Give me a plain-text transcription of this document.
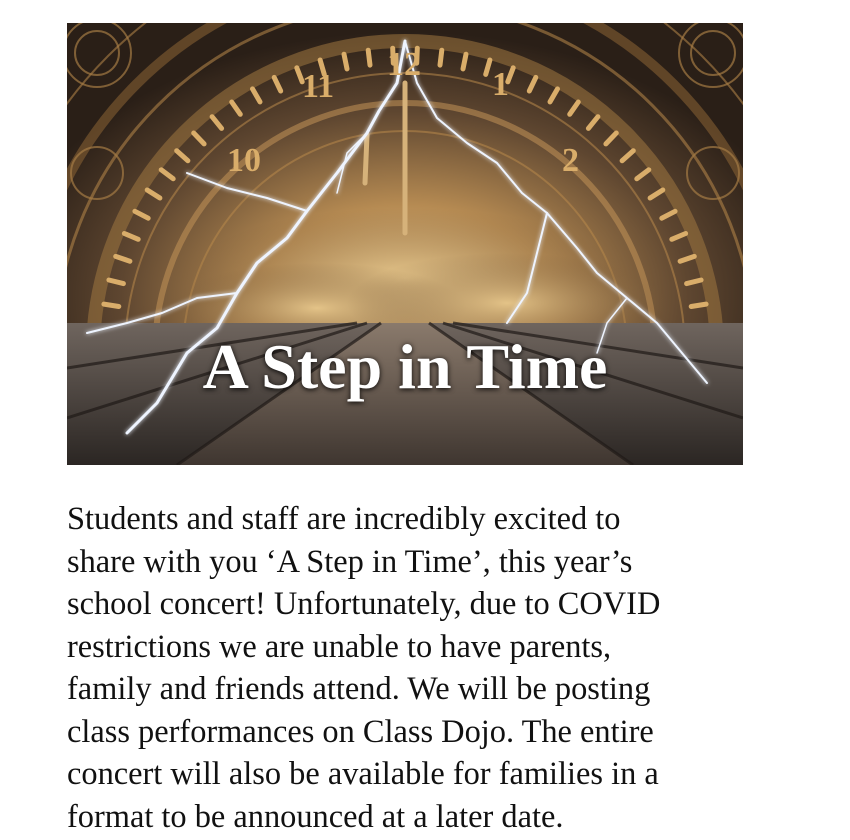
12
11	1
10	2
A Step in Time

Students and staff are incredibly excited to
share with you ‘A Step in Time’, this year’s
school concert! Unfortunately, due to COVID
restrictions we are unable to have parents,
family and friends attend. We will be posting
class performances on Class Dojo. The entire
concert will also be available for families in a
format to be announced at a later date.
